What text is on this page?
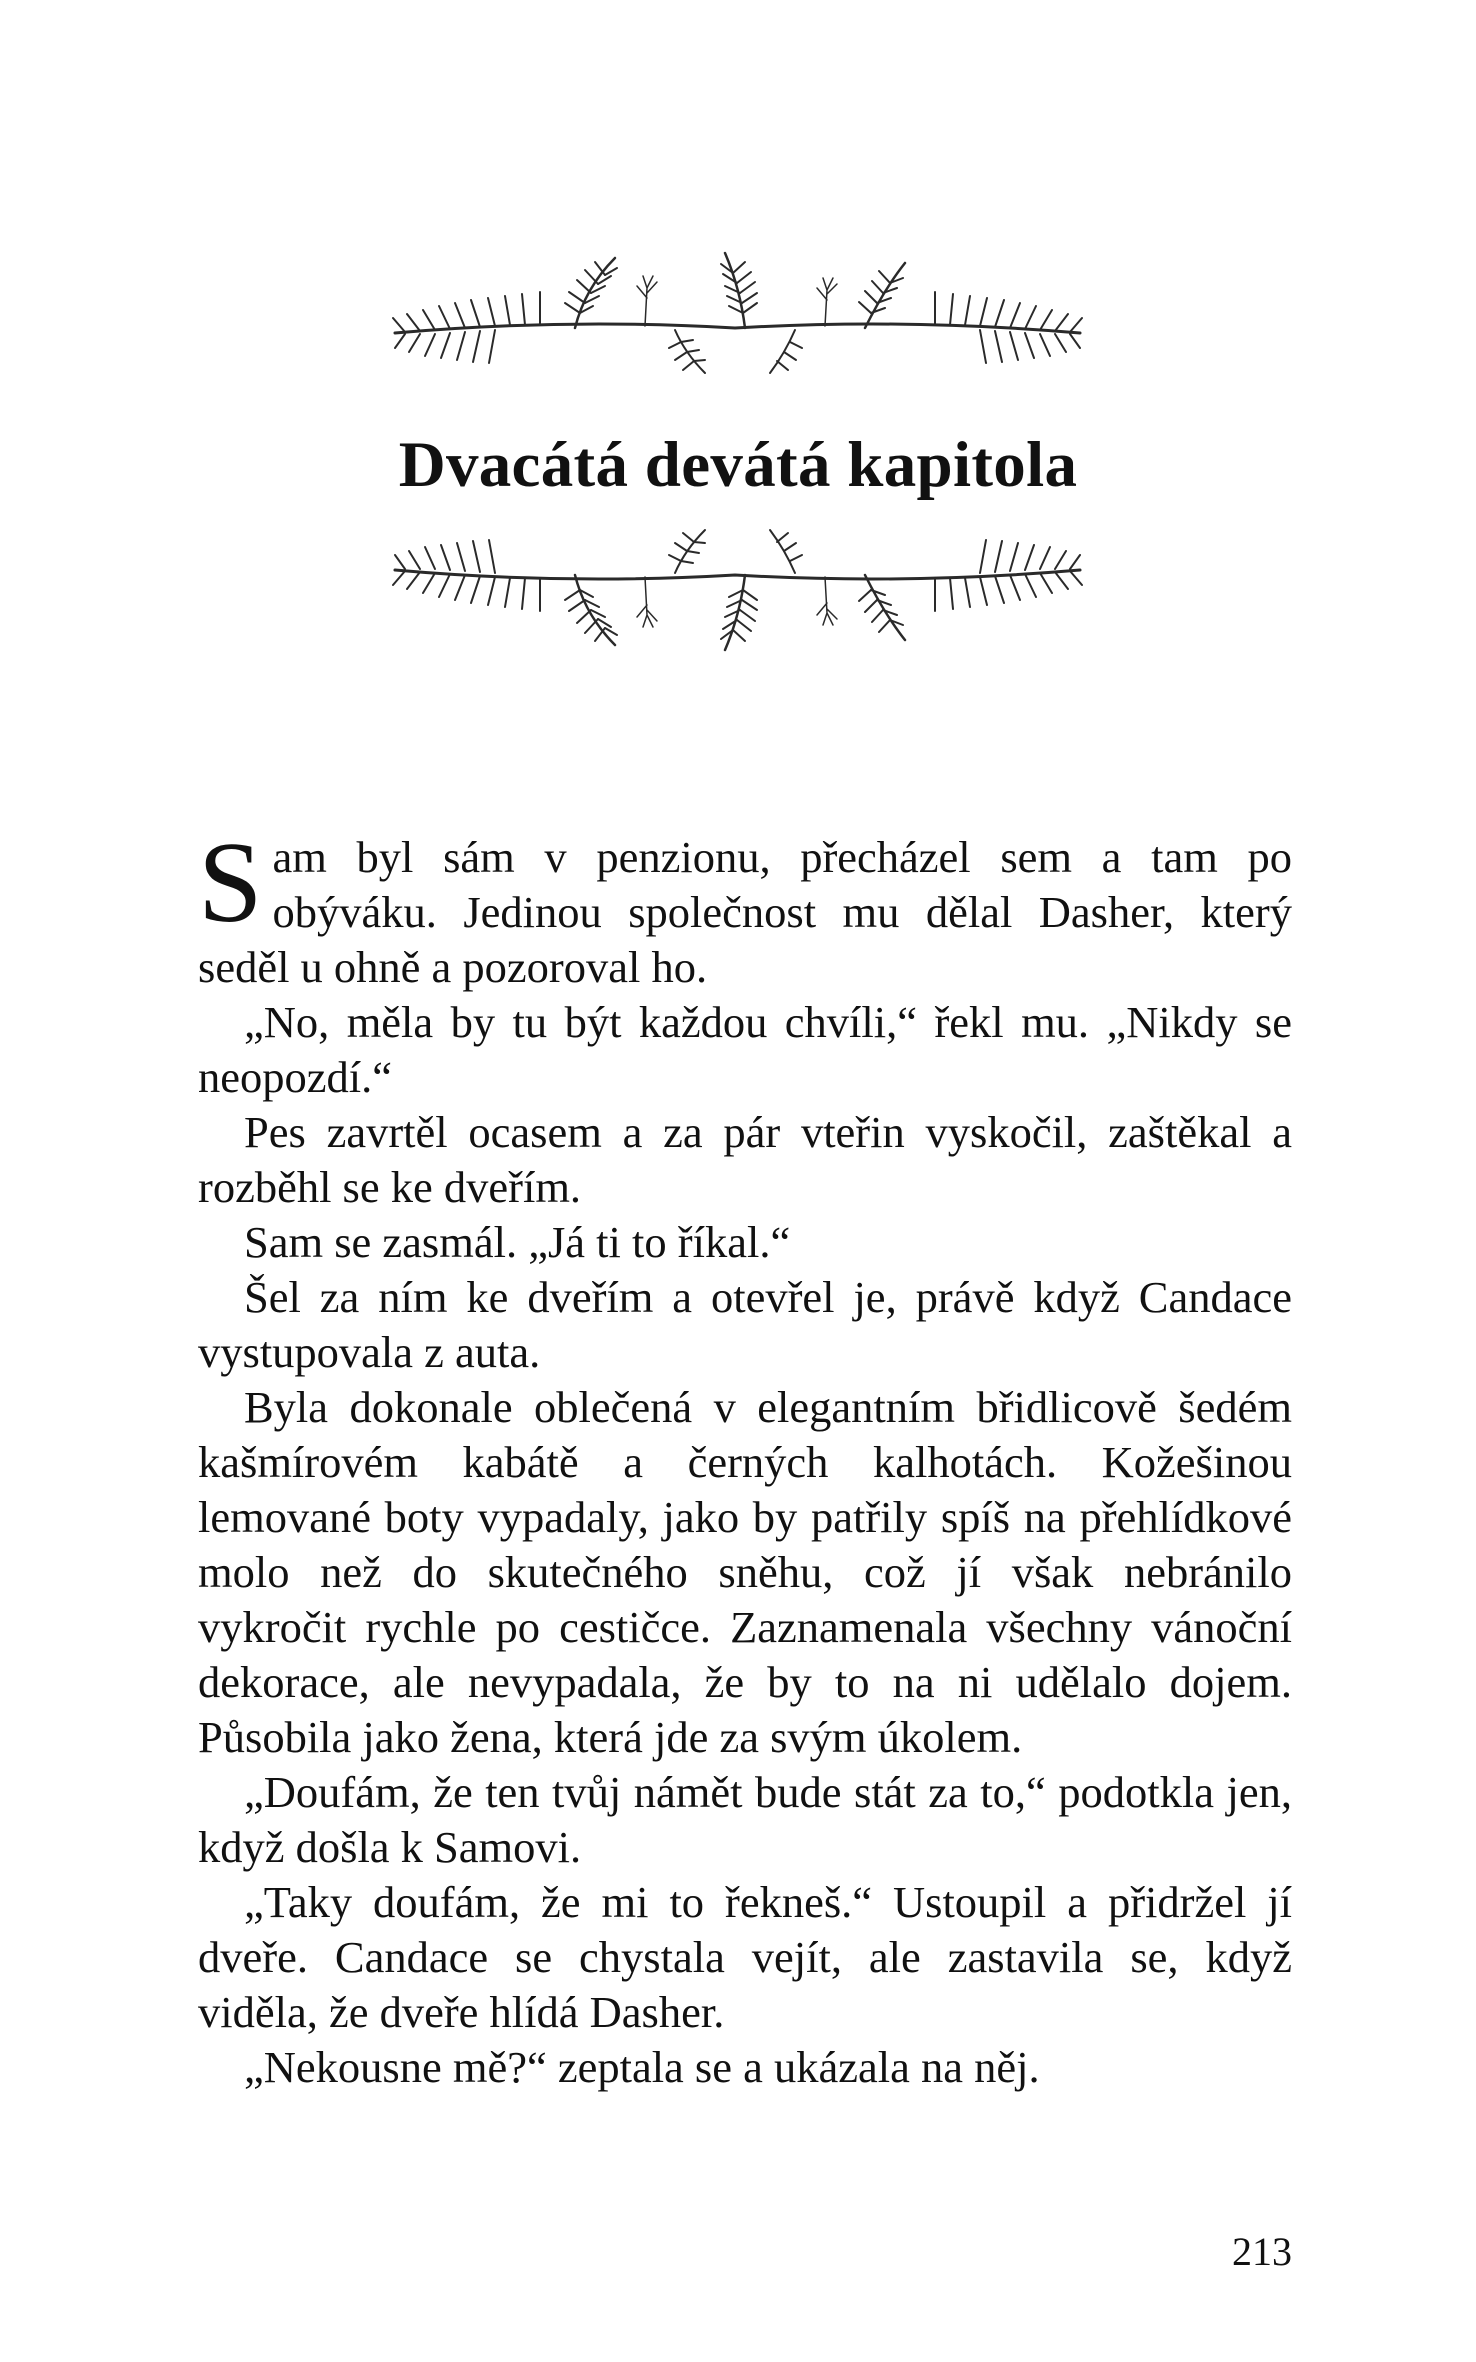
Dvacátá devátá kapitola

Sam byl sám v penzionu, přecházel sem a tam po obýváku. Jedinou společnost mu dělal Dasher, který seděl u ohně a pozoroval ho.

„No, měla by tu být každou chvíli,“ řekl mu. „Nikdy se neopozdí.“

Pes zavrtěl ocasem a za pár vteřin vyskočil, zaštěkal a rozběhl se ke dveřím.

Sam se zasmál. „Já ti to říkal.“

Šel za ním ke dveřím a otevřel je, právě když Candace vystupovala z auta.

Byla dokonale oblečená v elegantním břidlicově šedém kašmírovém kabátě a černých kalhotách. Kožešinou lemované boty vypadaly, jako by patřily spíš na přehlídkové molo než do skutečného sněhu, což jí však nebránilo vykročit rychle po cestičce. Zaznamenala všechny vánoční dekorace, ale nevypadala, že by to na ni udělalo dojem. Působila jako žena, která jde za svým úkolem.

„Doufám, že ten tvůj námět bude stát za to,“ podotkla jen, když došla k Samovi.

„Taky doufám, že mi to řekneš.“ Ustoupil a přidržel jí dveře. Candace se chystala vejít, ale zastavila se, když viděla, že dveře hlídá Dasher.

„Nekousne mě?“ zeptala se a ukázala na něj.

213
